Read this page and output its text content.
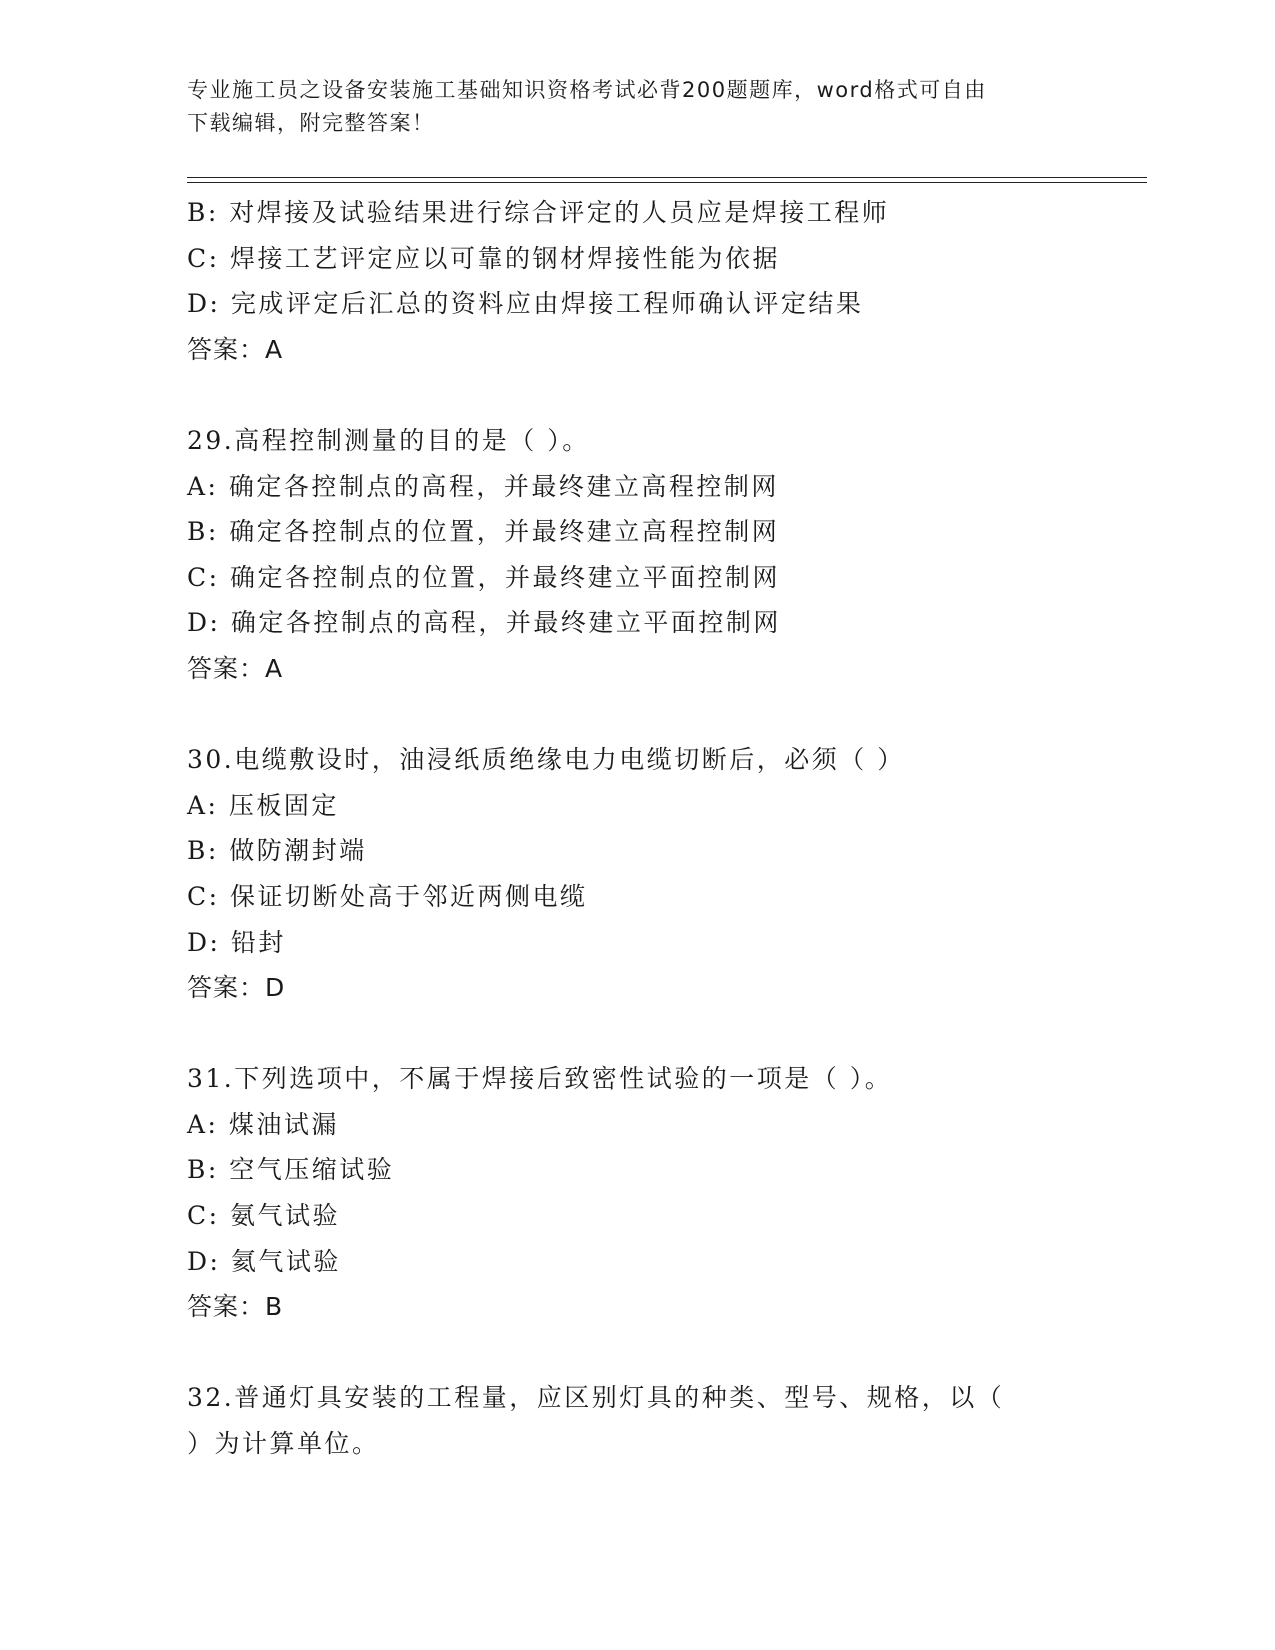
专业施工员之设备安装施工基础知识资格考试必背200题题库，word格式可自由
下载编辑，附完整答案！
B: 对焊接及试验结果进行综合评定的人员应是焊接工程师
C: 焊接工艺评定应以可靠的钢材焊接性能为依据
D: 完成评定后汇总的资料应由焊接工程师确认评定结果
答案：A
29.高程控制测量的目的是（ ）。
A: 确定各控制点的高程，并最终建立高程控制网
B: 确定各控制点的位置，并最终建立高程控制网
C: 确定各控制点的位置，并最终建立平面控制网
D: 确定各控制点的高程，并最终建立平面控制网
答案：A
30.电缆敷设时，油浸纸质绝缘电力电缆切断后，必须（ ）
A: 压板固定
B: 做防潮封端
C: 保证切断处高于邻近两侧电缆
D: 铅封
答案：D
31.下列选项中，不属于焊接后致密性试验的一项是（ ）。
A: 煤油试漏
B: 空气压缩试验
C: 氨气试验
D: 氦气试验
答案：B
32.普通灯具安装的工程量，应区别灯具的种类、型号、规格，以（
）为计算单位。
